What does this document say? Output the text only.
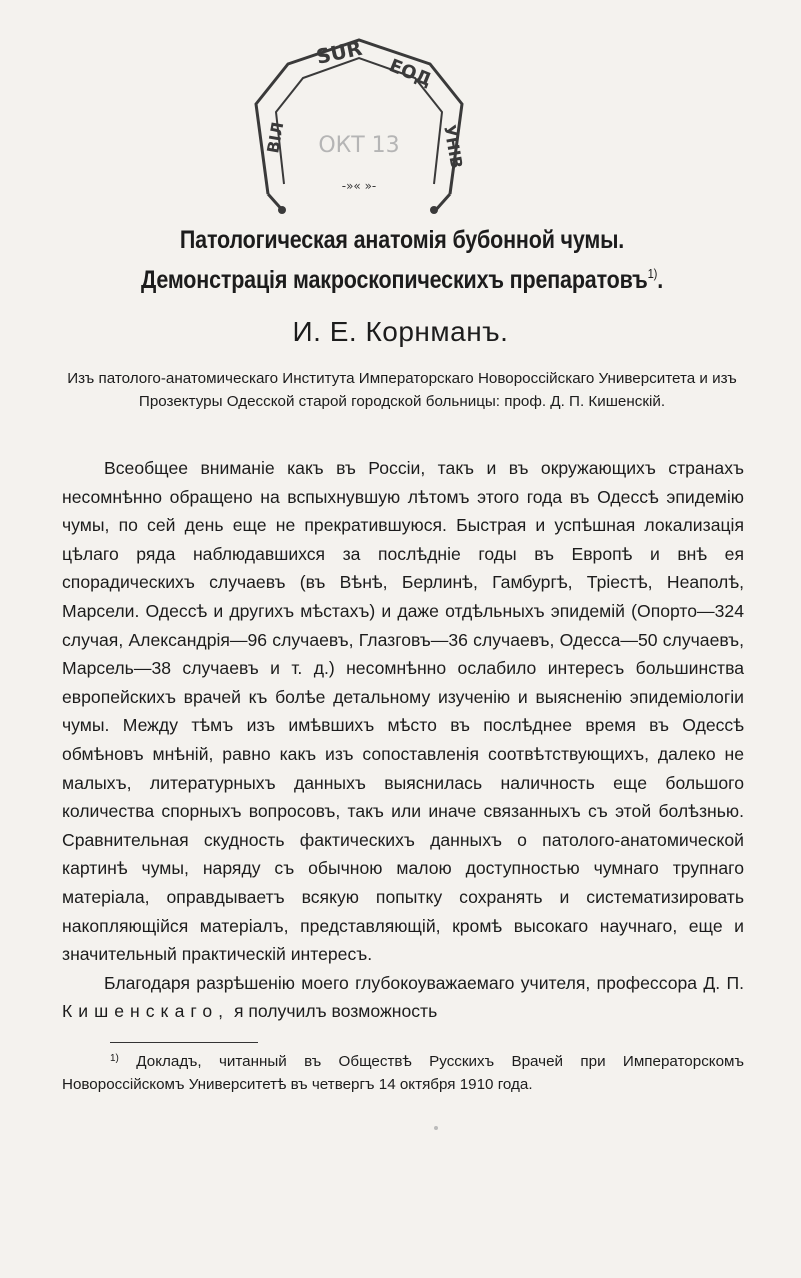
SUR
ЕОД
ВІЛ	УНІВ
ОКТ 13
-»« »-
Патологическая анатомія бубонной чумы. Демонстрація макроскопическихъ препаратовъ$^{1)}$.
И. Е. Корнманъ.
Изъ патолого-анатомическаго Института Императорскаго Новороссійскаго Университета и изъ Прозектуры Одесской старой городской больницы: проф. Д. П. Кишенскій.

Всеобщее вниманіе какъ въ Россіи, такъ и въ окружающихъ странахъ несомнѣнно обращено на вспыхнувшую лѣтомъ этого года въ Одессѣ эпидемію чумы, по сей день еще не прекратившуюся. Быстрая и успѣшная локализація цѣлаго ряда наблюдавшихся за послѣдніе годы въ Европѣ и внѣ ея спорадическихъ случаевъ (въ Вѣнѣ, Берлинѣ, Гамбургѣ, Тріестѣ, Неаполѣ, Марсели. Одессѣ и другихъ мѣстахъ) и даже отдѣльныхъ эпидемій (Опорто—324 случая, Александрія—96 случаевъ, Глазговъ—36 случаевъ, Одесса—50 случаевъ, Марсель—38 случаевъ и т. д.) несомнѣнно ослабило интересъ большинства европейскихъ врачей къ болѣе детальному изученію и выясненію эпидеміологіи чумы. Между тѣмъ изъ имѣвшихъ мѣсто въ послѣднее время въ Одессѣ обмѣновъ мнѣній, равно какъ изъ сопоставленія соотвѣтствующихъ, далеко не малыхъ, литературныхъ данныхъ выяснилась наличность еще большого количества спорныхъ вопросовъ, такъ или иначе связанныхъ съ этой болѣзнью. Сравнительная скудность фактическихъ данныхъ о патолого-анатомической картинѣ чумы, наряду съ обычною малою доступностью чумнаго трупнаго матеріала, оправдываетъ всякую попытку сохранять и систематизировать накопляющійся матеріалъ, представляющій, кромѣ высокаго научнаго, еще и значительный практическій интересъ.

Благодаря разрѣшенію моего глубокоуважаемаго учителя, профессора Д. П. Кишенскаго, я получилъ возможность

$^{1)}$ Докладъ, читанный въ Обществѣ Русскихъ Врачей при Императорскомъ Новороссійскомъ Университетѣ въ четвергъ 14 октября 1910 года.
